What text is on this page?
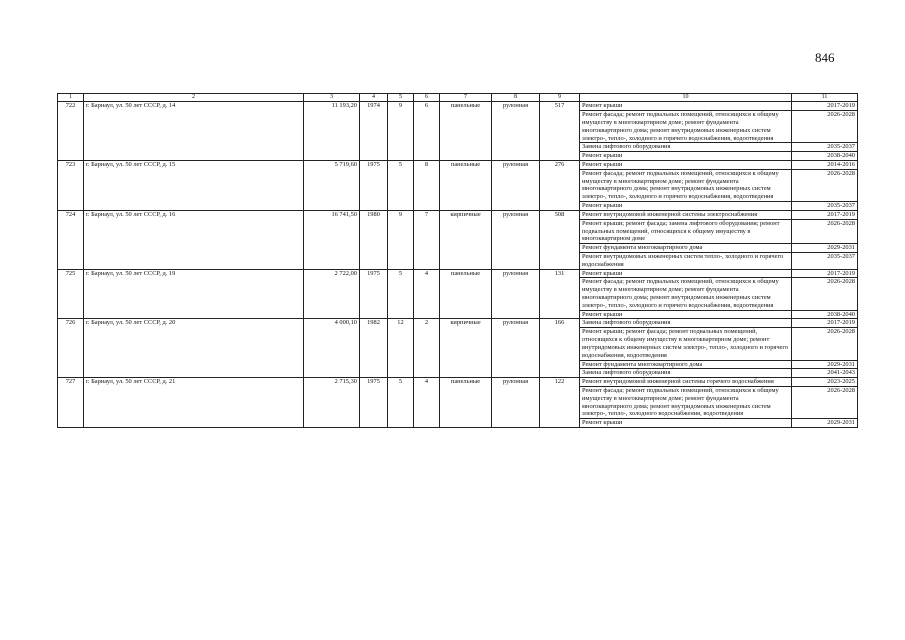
846
1	2	3	4	5	6	7	8	9	10	11
722	г. Барнаул, ул. 50 лет СССР, д. 14	11 193,20	1974	9	6	панельные	рулонная	517	Ремонт крыши	2017-2019
									Ремонт фасада; ремонт подвальных помещений, относящихся к общему имуществу в многоквартирном доме; ремонт фундамента многоквартирного дома; ремонт внутридомовых инженерных систем электро-, тепло-, холодного и горячего водоснабжения, водоотведения	2026-2028
									Замена лифтового оборудования	2035-2037
									Ремонт крыши	2038-2040
723	г. Барнаул, ул. 50 лет СССР, д. 15	5 719,60	1975	5	8	панельные	рулонная	276	Ремонт крыши	2014-2016
									Ремонт фасада; ремонт подвальных помещений, относящихся к общему имуществу в многоквартирном доме; ремонт фундамента многоквартирного дома; ремонт внутридомовых инженерных систем электро-, тепло-, холодного и горячего водоснабжения, водоотведения	2026-2028
									Ремонт крыши	2035-2037
724	г. Барнаул, ул. 50 лет СССР, д. 16	16 741,50	1980	9	7	кирпичные	рулонная	508	Ремонт внутридомовой инженерной системы электроснабжения	2017-2019
									Ремонт крыши; ремонт фасада; замена лифтового оборудования; ремонт подвальных помещений, относящихся к общему имуществу в многоквартирном доме	2026-2028
									Ремонт фундамента многоквартирного дома	2029-2031
									Ремонт внутридомовых инженерных систем тепло-, холодного и горячего водоснабжения	2035-2037
725	г. Барнаул, ул. 50 лет СССР, д. 19	2 722,00	1975	5	4	панельные	рулонная	131	Ремонт крыши	2017-2019
									Ремонт фасада; ремонт подвальных помещений, относящихся к общему имуществу в многоквартирном доме; ремонт фундамента многоквартирного дома; ремонт внутридомовых инженерных систем электро-, тепло-, холодного и горячего водоснабжения, водоотведения	2026-2028
									Ремонт крыши	2038-2040
726	г. Барнаул, ул. 50 лет СССР, д. 20	4 000,10	1982	12	2	кирпичные	рулонная	166	Замена лифтового оборудования	2017-2019
									Ремонт крыши; ремонт фасада; ремонт подвальных помещений, относящихся к общему имуществу в многоквартирном доме; ремонт внутридомовых инженерных систем электро-, тепло-, холодного и горячего водоснабжения, водоотведения	2026-2028
									Ремонт фундамента многоквартирного дома	2029-2031
									Замена лифтового оборудования	2041-2043
727	г. Барнаул, ул. 50 лет СССР, д. 21	2 715,30	1975	5	4	панельные	рулонная	122	Ремонт внутридомовой инженерной системы горячего водоснабжения	2023-2025
									Ремонт фасада; ремонт подвальных помещений, относящихся к общему имуществу в многоквартирном доме; ремонт фундамента многоквартирного дома; ремонт внутридомовых инженерных систем электро-, тепло-, холодного водоснабжения, водоотведения	2026-2028
									Ремонт крыши	2029-2031
